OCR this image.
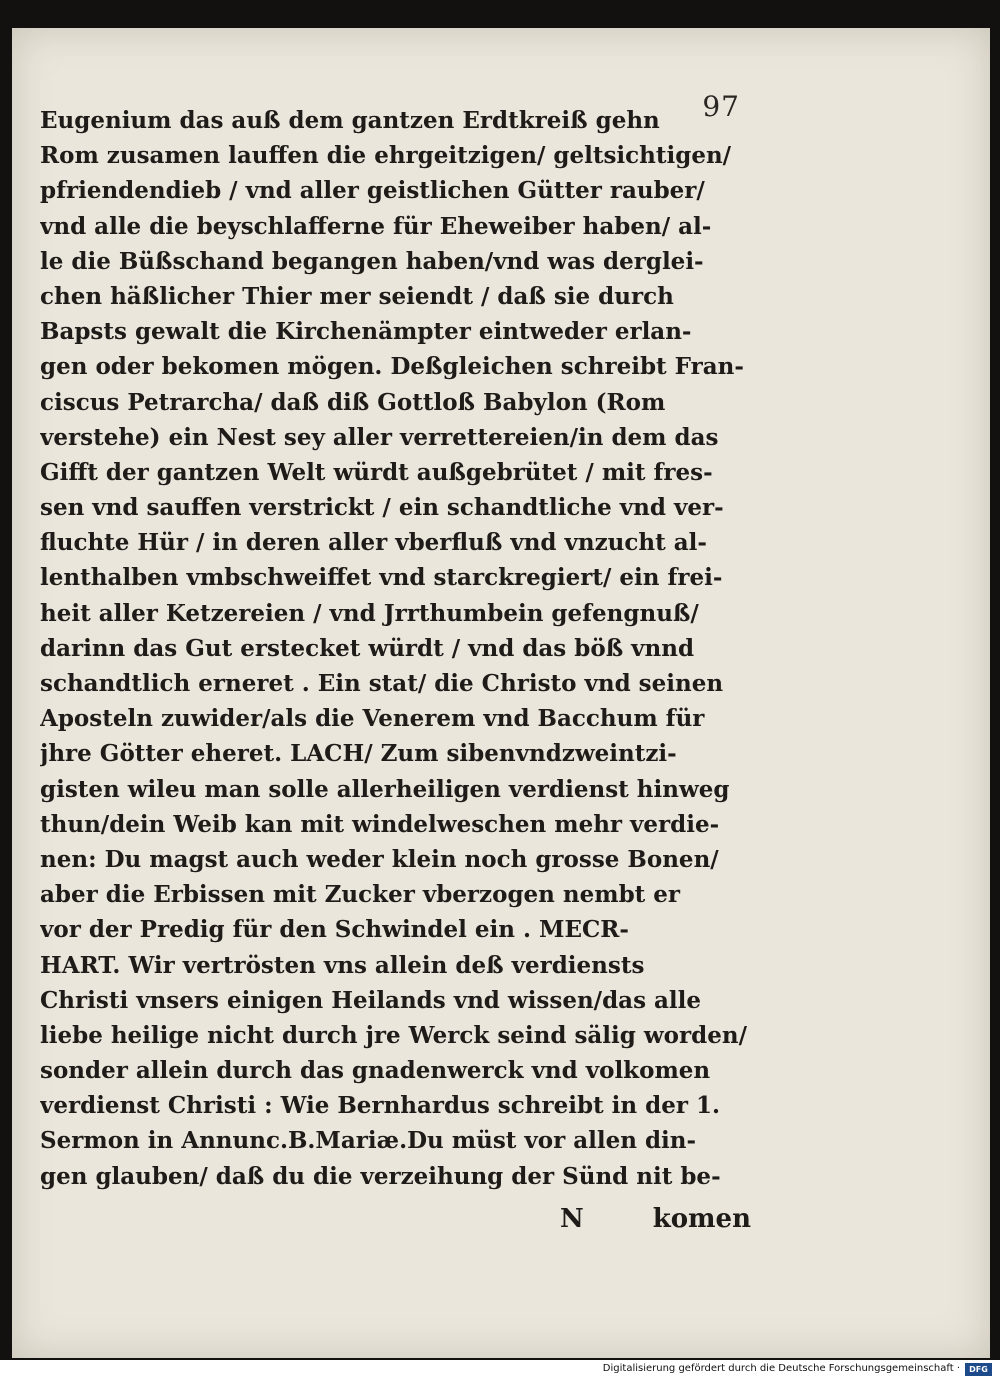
97
Eugenium das auß dem gantzen Erdtkreiß gehn
Rom zusamen lauffen die ehrgeitzigen/ geltsichtigen/
pfriendendieb / vnd aller geistlichen Gütter rauber/
vnd alle die beyschlafferne für Eheweiber haben/ al-
le die Büßschand begangen haben/vnd was derglei-
chen häßlicher Thier mer seiendt / daß sie durch
Bapsts gewalt die Kirchenämpter eintweder erlan-
gen oder bekomen mögen. Deßgleichen schreibt Fran-
ciscus Petrarcha/ daß diß Gottloß Babylon (Rom
verstehe) ein Nest sey aller verrettereien/in dem das
Gifft der gantzen Welt würdt außgebrütet / mit fres-
sen vnd sauffen verstrickt / ein schandtliche vnd ver-
fluchte Hür / in deren aller vberfluß vnd vnzucht al-
lenthalben vmbschweiffet vnd starckregiert/ ein frei-
heit aller Ketzereien / vnd Jrrthumbein gefengnuß/
darinn das Gut erstecket würdt / vnd das böß vnnd
schandtlich erneret . Ein stat/ die Christo vnd seinen
Aposteln zuwider/als die Venerem vnd Bacchum für
jhre Götter eheret. LACH/ Zum sibenvndzweintzi-
gisten wileu man solle allerheiligen verdienst hinweg
thun/dein Weib kan mit windelweschen mehr verdie-
nen: Du magst auch weder klein noch grosse Bonen/
aber die Erbissen mit Zucker vberzogen nembt er
vor der Predig für den Schwindel ein . MECR-
HART. Wir vertrösten vns allein deß verdiensts
Christi vnsers einigen Heilands vnd wissen/das alle
liebe heilige nicht durch jre Werck seind sälig worden/
sonder allein durch das gnadenwerck vnd volkomen
verdienst Christi : Wie Bernhardus schreibt in der 1.
Sermon in Annunc.B.Mariæ.Du müst vor allen din-
gen glauben/ daß du die verzeihung der Sünd nit be-
N	komen
Digitalisierung gefördert durch die Deutsche Forschungsgemeinschaft ·	DFG
